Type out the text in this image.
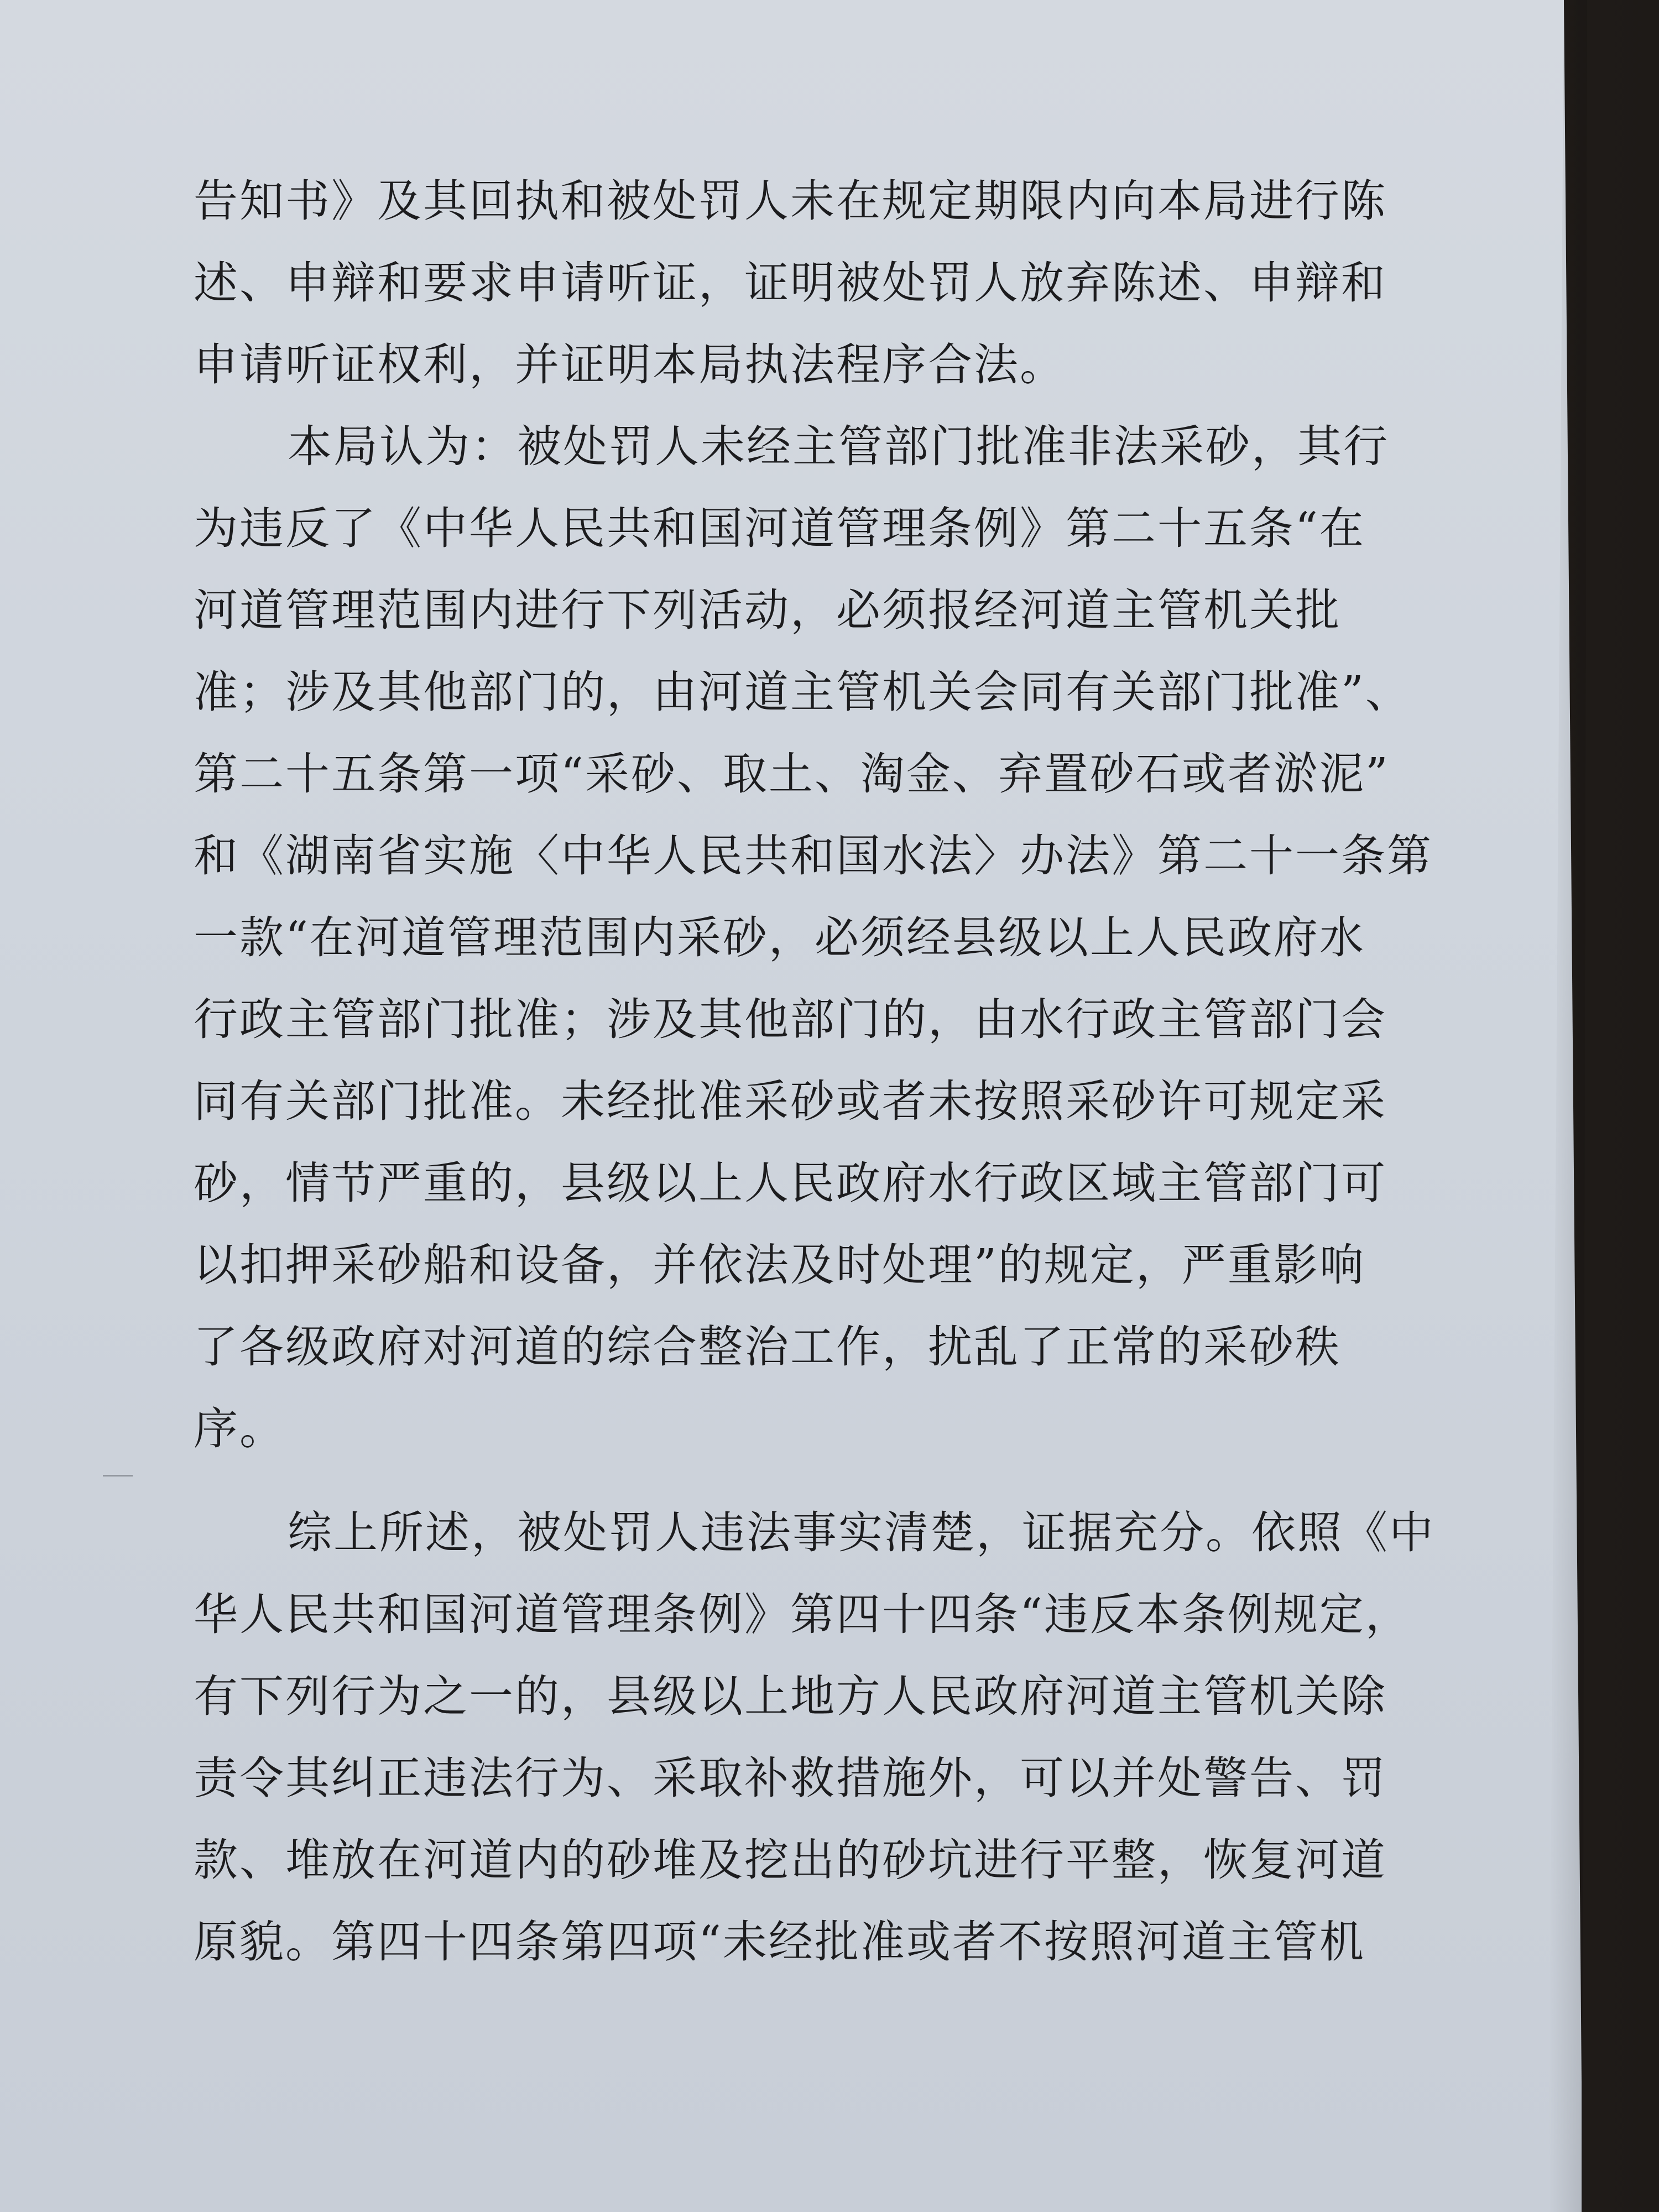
告知书》及其回执和被处罚人未在规定期限内向本局进行陈
述、申辩和要求申请听证，证明被处罚人放弃陈述、申辩和
申请听证权利，并证明本局执法程序合法。
本局认为：被处罚人未经主管部门批准非法采砂，其行
为违反了《中华人民共和国河道管理条例》第二十五条“在
河道管理范围内进行下列活动，必须报经河道主管机关批
准；涉及其他部门的，由河道主管机关会同有关部门批准”、
第二十五条第一项“采砂、取土、淘金、弃置砂石或者淤泥”
和《湖南省实施〈中华人民共和国水法〉办法》第二十一条第
一款“在河道管理范围内采砂，必须经县级以上人民政府水
行政主管部门批准；涉及其他部门的，由水行政主管部门会
同有关部门批准。未经批准采砂或者未按照采砂许可规定采
砂，情节严重的，县级以上人民政府水行政区域主管部门可
以扣押采砂船和设备，并依法及时处理”的规定，严重影响
了各级政府对河道的综合整治工作，扰乱了正常的采砂秩
序。
综上所述，被处罚人违法事实清楚，证据充分。依照《中
华人民共和国河道管理条例》第四十四条“违反本条例规定，
有下列行为之一的，县级以上地方人民政府河道主管机关除
责令其纠正违法行为、采取补救措施外，可以并处警告、罚
款、堆放在河道内的砂堆及挖出的砂坑进行平整，恢复河道
原貌。第四十四条第四项“未经批准或者不按照河道主管机
